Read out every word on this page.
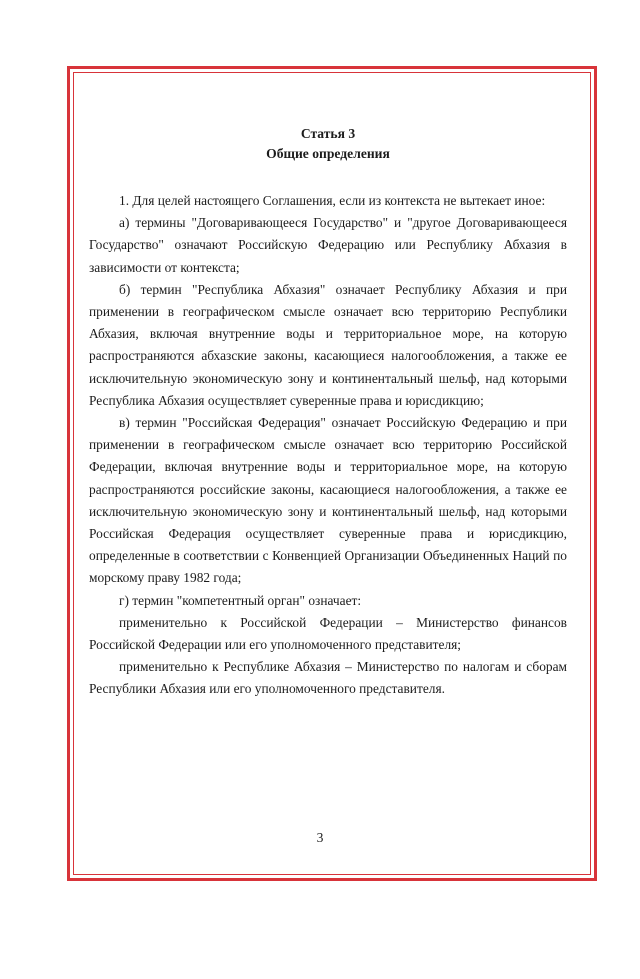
Статья 3
Общие определения

1. Для целей настоящего Соглашения, если из контекста не вытекает иное:

а) термины "Договаривающееся Государство" и "другое Договаривающееся Государство" означают Российскую Федерацию или Республику Абхазия в зависимости от контекста;

б) термин "Республика Абхазия" означает Республику Абхазия и при применении в географическом смысле означает всю территорию Республики Абхазия, включая внутренние воды и территориальное море, на которую распространяются абхазские законы, касающиеся налогообложения, а также ее исключительную экономическую зону и континентальный шельф, над которыми Республика Абхазия осуществляет суверенные права и юрисдикцию;

в) термин "Российская Федерация" означает Российскую Федерацию и при применении в географическом смысле означает всю территорию Российской Федерации, включая внутренние воды и территориальное море, на которую распространяются российские законы, касающиеся налогообложения, а также ее исключительную экономическую зону и континентальный шельф, над которыми Российская Федерация осуществляет суверенные права и юрисдикцию, определенные в соответствии с Конвенцией Организации Объединенных Наций по морскому праву 1982 года;

г) термин "компетентный орган" означает:

применительно к Российской Федерации – Министерство финансов Российской Федерации или его уполномоченного представителя;

применительно к Республике Абхазия – Министерство по налогам и сборам Республики Абхазия или его уполномоченного представителя.

3
